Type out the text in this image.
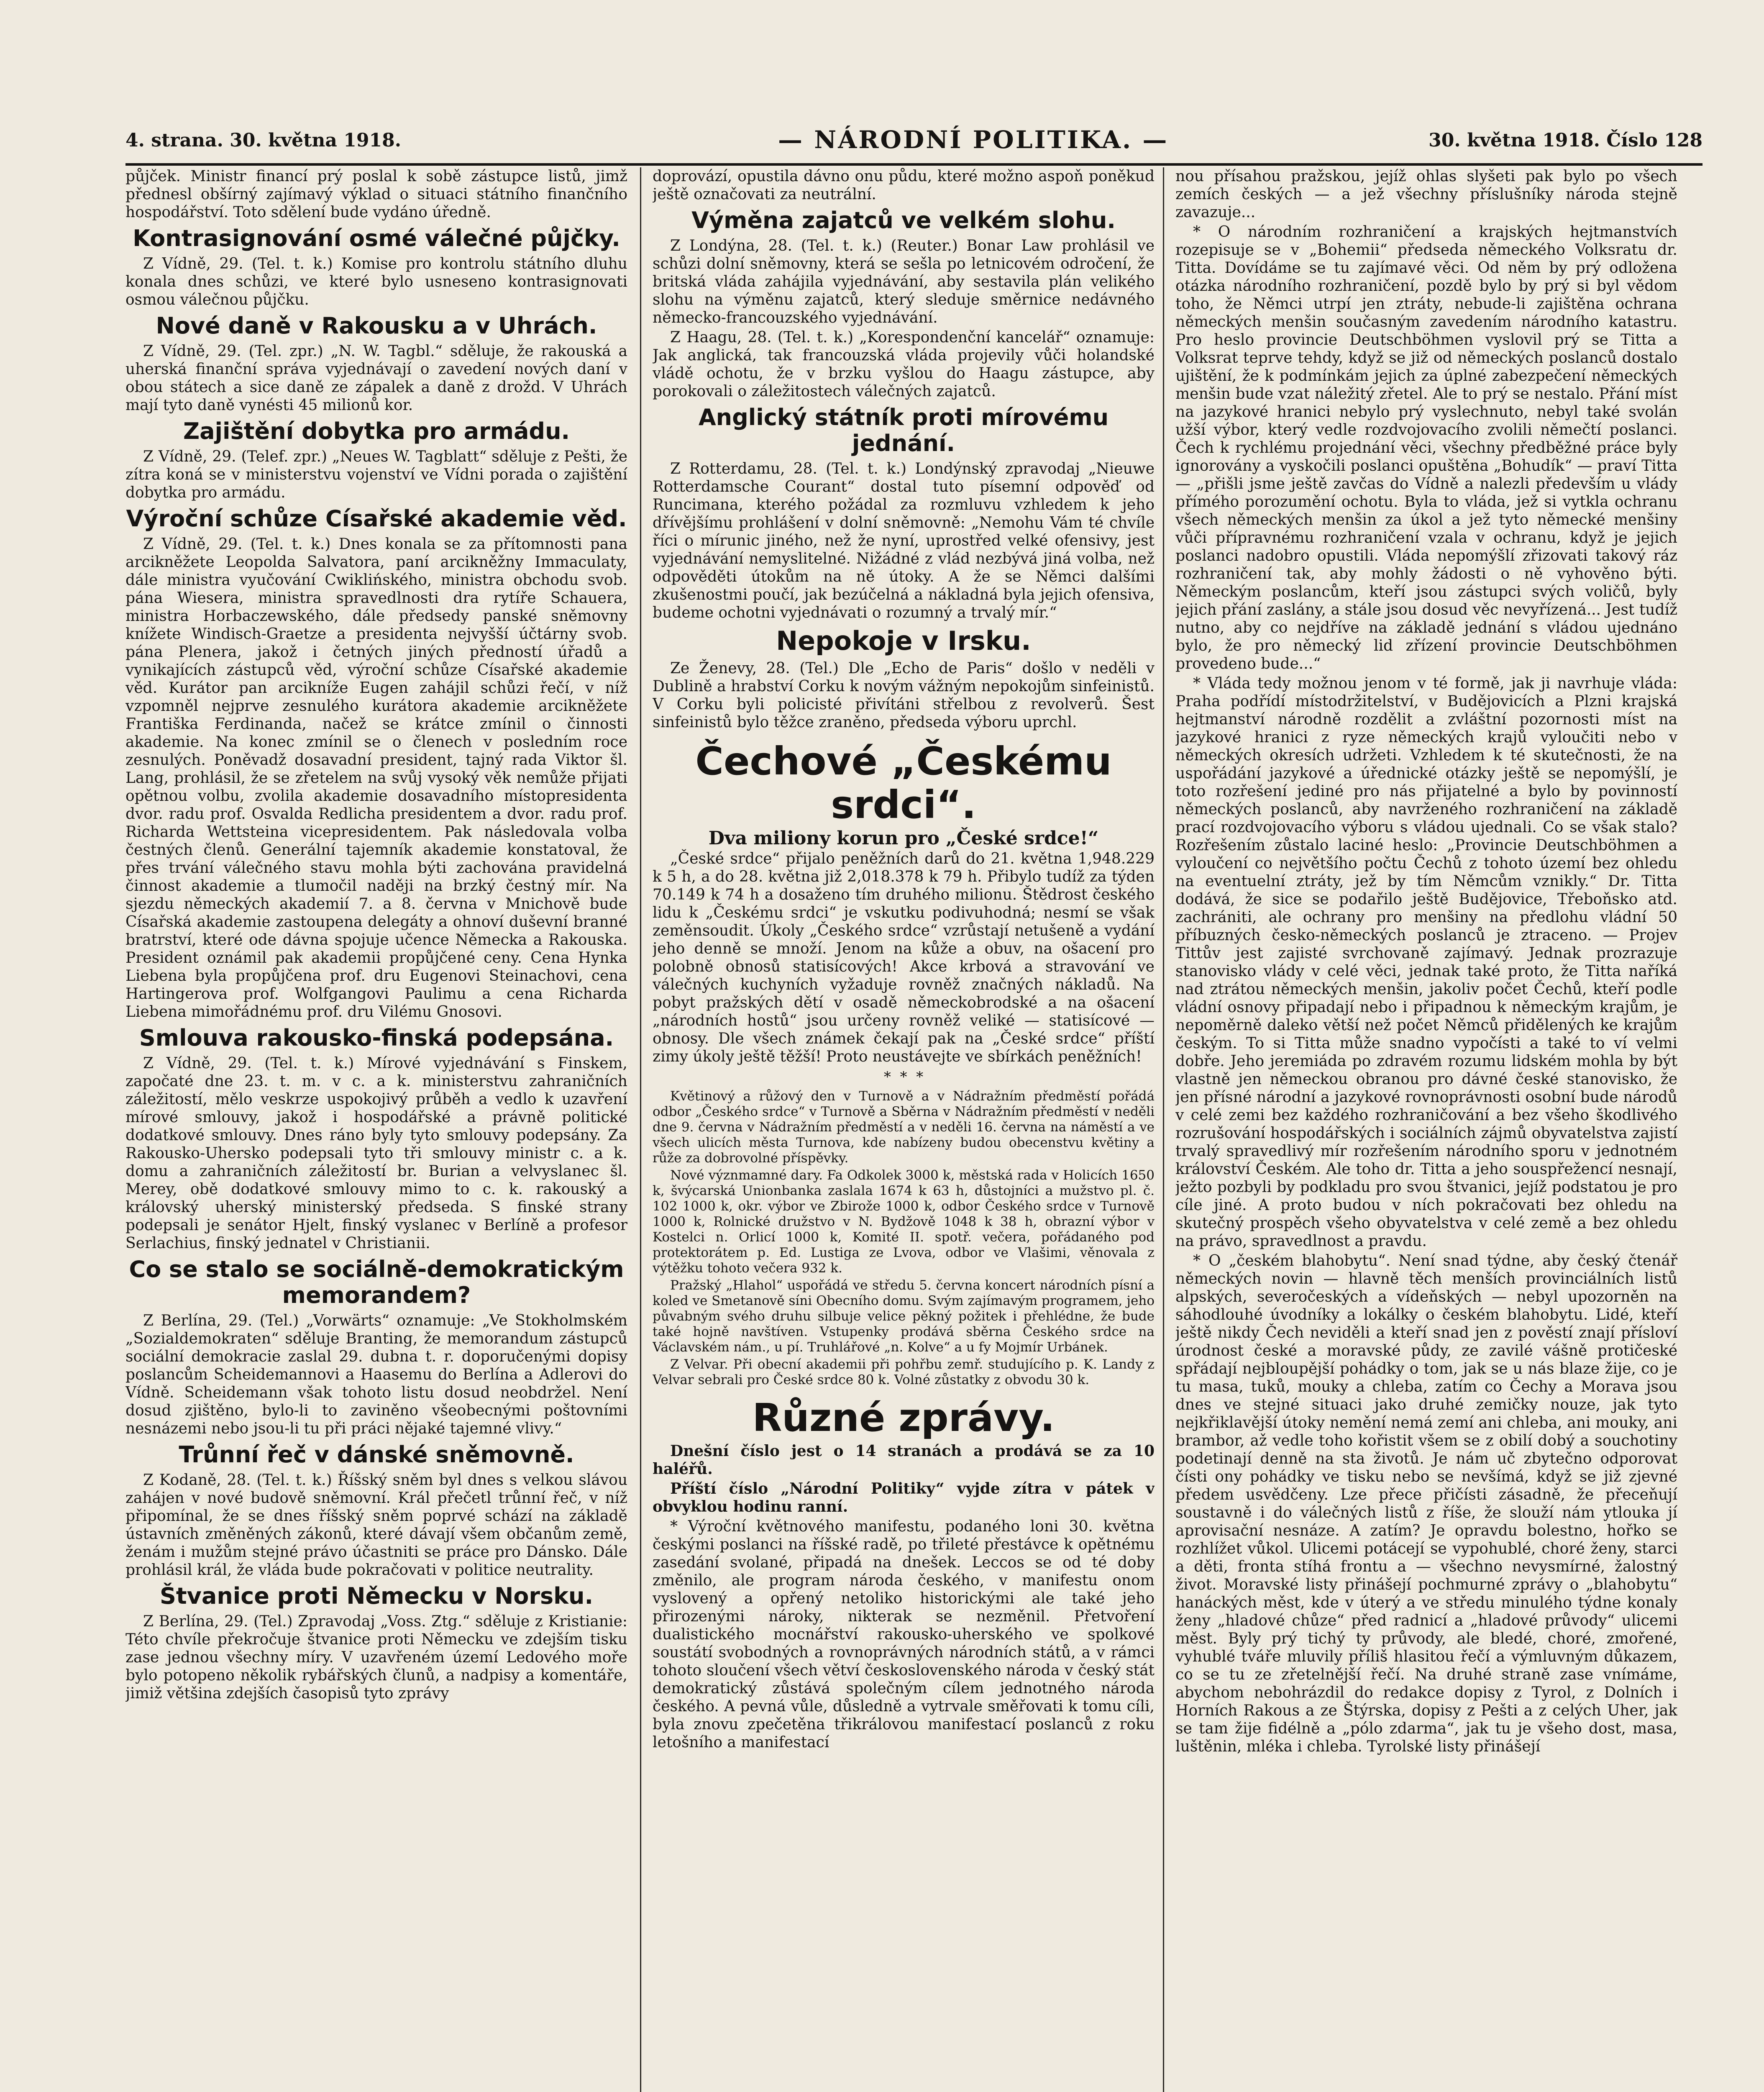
4. strana. 30. května 1918.	— NÁRODNÍ POLITIKA. —	30. května 1918. Číslo 128

půjček. Ministr financí prý poslal k sobě zástupce listů, jimž přednesl obšírný zajímavý výklad o situaci státního finančního hospodářství. Toto sdělení bude vydáno úředně.

Kontrasignování osmé válečné půjčky.

Z Vídně, 29. (Tel. t. k.) Komise pro kontrolu státního dluhu konala dnes schůzi, ve které bylo usneseno kontrasignovati osmou válečnou půjčku.

Nové daně v Rakousku a v Uhrách.

Z Vídně, 29. (Tel. zpr.) „N. W. Tagbl.“ sděluje, že rakouská a uherská finanční správa vyjednávají o zavedení nových daní v obou státech a sice daně ze zápalek a daně z drožd. V Uhrách mají tyto daně vynésti 45 milionů kor.

Zajištění dobytka pro armádu.

Z Vídně, 29. (Telef. zpr.) „Neues W. Tagblatt“ sděluje z Pešti, že zítra koná se v ministerstvu vojenství ve Vídni porada o zajištění dobytka pro armádu.

Výroční schůze Císařské akademie věd.

Z Vídně, 29. (Tel. t. k.) Dnes konala se za přítomnosti pana arcikněžete Leopolda Salvatora, paní arcikněžny Immaculaty, dále ministra vyučování Cwiklińského, ministra obchodu svob. pána Wiesera, ministra spravedlnosti dra rytíře Schauera, ministra Horbaczewského, dále předsedy panské sněmovny knížete Windisch-Graetze a presidenta nejvyšší účtárny svob. pána Plenera, jakož i četných jiných předností úřadů a vynikajících zástupců věd, výroční schůze Císařské akademie věd. Kurátor pan arcikníže Eugen zahájil schůzi řečí, v níž vzpomněl nejprve zesnulého kurátora akademie arcikněžete Františka Ferdinanda, načež se krátce zmínil o činnosti akademie. Na konec zmínil se o členech v posledním roce zesnulých. Poněvadž dosavadní president, tajný rada Viktor šl. Lang, prohlásil, že se zřetelem na svůj vysoký věk nemůže přijati opětnou volbu, zvolila akademie dosavadního místopresidenta dvor. radu prof. Osvalda Redlicha presidentem a dvor. radu prof. Richarda Wettsteina vicepresidentem. Pak následovala volba čestných členů. Generální tajemník akademie konstatoval, že přes trvání válečného stavu mohla býti zachována pravidelná činnost akademie a tlumočil naději na brzký čestný mír. Na sjezdu německých akademií 7. a 8. června v Mnichově bude Císařská akademie zastoupena delegáty a ohnoví duševní branné bratrství, které ode dávna spojuje učence Německa a Rakouska. President oznámil pak akademii propůjčené ceny. Cena Hynka Liebena byla propůjčena prof. dru Eugenovi Steinachovi, cena Hartingerova prof. Wolfgangovi Paulimu a cena Richarda Liebena mimořádnému prof. dru Vilému Gnosovi.

Smlouva rakousko-finská podepsána.

Z Vídně, 29. (Tel. t. k.) Mírové vyjednávání s Finskem, započaté dne 23. t. m. v c. a k. ministerstvu zahraničních záležitostí, mělo veskrze uspokojivý průběh a vedlo k uzavření mírové smlouvy, jakož i hospodářské a právně politické dodatkové smlouvy. Dnes ráno byly tyto smlouvy podepsány. Za Rakousko-Uhersko podepsali tyto tři smlouvy ministr c. a k. domu a zahraničních záležitostí br. Burian a velvyslanec šl. Merey, obě dodatkové smlouvy mimo to c. k. rakouský a královský uherský ministerský předseda. S finské strany podepsali je senátor Hjelt, finský vyslanec v Berlíně a profesor Serlachius, finský jednatel v Christianii.

Co se stalo se sociálně-demokratickým memorandem?

Z Berlína, 29. (Tel.) „Vorwärts“ oznamuje: „Ve Stokholmském „Sozialdemokraten“ sděluje Branting, že memorandum zástupců sociální demokracie zaslal 29. dubna t. r. doporučenými dopisy poslancům Scheidemannovi a Haasemu do Berlína a Adlerovi do Vídně. Scheidemann však tohoto listu dosud neobdržel. Není dosud zjištěno, bylo-li to zaviněno všeobecnými poštovními nesnázemi nebo jsou-li tu při práci nějaké tajemné vlivy.“

Trůnní řeč v dánské sněmovně.

Z Kodaně, 28. (Tel. t. k.) Říšský sněm byl dnes s velkou slávou zahájen v nové budově sněmovní. Král přečetl trůnní řeč, v níž připomínal, že se dnes říšský sněm poprvé schází na základě ústavních změněných zákonů, které dávají všem občanům země, ženám i mužům stejné právo účastniti se práce pro Dánsko. Dále prohlásil král, že vláda bude pokračovati v politice neutrality.

Štvanice proti Německu v Norsku.

Z Berlína, 29. (Tel.) Zpravodaj „Voss. Ztg.“ sděluje z Kristianie: Této chvíle překročuje štvanice proti Německu ve zdejším tisku zase jednou všechny míry. V uzavřeném území Ledového moře bylo potopeno několik rybářských člunů, a nadpisy a komentáře, jimiž většina zdejších časopisů tyto zprávy

doprovází, opustila dávno onu půdu, které možno aspoň poněkud ještě označovati za neutrální.

Výměna zajatců ve velkém slohu.

Z Londýna, 28. (Tel. t. k.) (Reuter.) Bonar Law prohlásil ve schůzi dolní sněmovny, která se sešla po letnicovém odročení, že britská vláda zahájila vyjednávání, aby sestavila plán velikého slohu na výměnu zajatců, který sleduje směrnice nedávného německo-francouzského vyjednávání.

Z Haagu, 28. (Tel. t. k.) „Korespondenční kancelář“ oznamuje: Jak anglická, tak francouzská vláda projevily vůči holandské vládě ochotu, že v brzku vyšlou do Haagu zástupce, aby porokovali o záležitostech válečných zajatců.

Anglický státník proti mírovému jednání.

Z Rotterdamu, 28. (Tel. t. k.) Londýnský zpravodaj „Nieuwe Rotterdamsche Courant“ dostal tuto písemní odpověď od Runcimana, kterého požádal za rozmluvu vzhledem k jeho dřívějšímu prohlášení v dolní sněmovně: „Nemohu Vám té chvíle říci o mírunic jiného, než že nyní, uprostřed velké ofensivy, jest vyjednávání nemyslitelné. Nižádné z vlád nezbývá jiná volba, než odpověděti útokům na ně útoky. A že se Němci dalšími zkušenostmi poučí, jak bezúčelná a nákladná byla jejich ofensiva, budeme ochotni vyjednávati o rozumný a trvalý mír.“

Nepokoje v Irsku.

Ze Ženevy, 28. (Tel.) Dle „Echo de Paris“ došlo v neděli v Dublině a hrabství Corku k novým vážným nepokojům sinfeinistů. V Corku byli policisté přivítáni střelbou z revolverů. Šest sinfeinistů bylo těžce zraněno, předseda výboru uprchl.

Čechové „Českému srdci“.
Dva miliony korun pro „České srdce!“

„České srdce“ přijalo peněžních darů do 21. května 1,948.229 k 5 h, a do 28. května již 2,018.378 k 79 h. Přibylo tudíž za týden 70.149 k 74 h a dosaženo tím druhého milionu. Štědrost českého lidu k „Českému srdci“ je vskutku podivuhodná; nesmí se však zeměnsoudit. Úkoly „Českého srdce“ vzrůstají netušeně a vydání jeho denně se množí. Jenom na kůže a obuv, na ošacení pro polobně obnosů statisícových! Akce krbová a stravování ve válečných kuchyních vyžaduje rovněž značných nákladů. Na pobyt pražských dětí v osadě německobrodské a na ošacení „národních hostů“ jsou určeny rovněž veliké — statisícové — obnosy. Dle všech známek čekají pak na „České srdce“ příští zimy úkoly ještě těžší! Proto neustávejte ve sbírkách peněžních!

*  *  *

Květinový a růžový den v Turnově a v Nádražním předměstí pořádá odbor „Českého srdce“ v Turnově a Sběrna v Nádražním předměstí v neděli dne 9. června v Nádražním předměstí a v neděli 16. června na náměstí a ve všech ulicích města Turnova, kde nabízeny budou obecenstvu květiny a růže za dobrovolné příspěvky.

Nové význmamné dary. Fa Odkolek 3000 k, městská rada v Holicích 1650 k, švýcarská Unionbanka zaslala 1674 k 63 h, důstojníci a mužstvo pl. č. 102 1000 k, okr. výbor ve Zbirože 1000 k, odbor Českého srdce v Turnově 1000 k, Rolnické družstvo v N. Bydžově 1048 k 38 h, obrazní výbor v Kostelci n. Orlicí 1000 k, Komité II. spotř. večera, pořádaného pod protektorátem p. Ed. Lustiga ze Lvova, odbor ve Vlašimi, věnovala z výtěžku tohoto večera 932 k.

Pražský „Hlahol“ uspořádá ve středu 5. června koncert národních písní a koled ve Smetanově síni Obecního domu. Svým zajímavým programem, jeho půvabným svého druhu silbuje velice pěkný požitek i přehlédne, že bude také hojně navštíven. Vstupenky prodává sběrna Českého srdce na Václavském nám., u pí. Truhlářové „n. Kolve“ a u fy Mojmír Urbánek.

Z Velvar. Při obecní akademii při pohřbu zemř. studujícího p. K. Landy z Velvar sebrali pro České srdce 80 k. Volné zůstatky z obvodu 30 k.

Různé zprávy.

Dnešní číslo jest o 14 stranách a prodává se za 10 haléřů.

Příští číslo „Národní Politiky“ vyjde zítra v pátek v obvyklou hodinu ranní.

* Výroční květnového manifestu, podaného loni 30. května českými poslanci na říšské radě, po třileté přestávce k opětnému zasedání svolané, připadá na dnešek. Leccos se od té doby změnilo, ale program národa českého, v manifestu onom vyslovený a opřený netoliko historickými ale také jeho přirozenými nároky, nikterak se nezměnil. Přetvoření dualistického mocnářství rakousko-uherského ve spolkové soustátí svobodných a rovnoprávných národních států, a v rámci tohoto sloučení všech větví československého národa v český stát demokratický zůstává společným cílem jednotného národa českého. A pevná vůle, důsledně a vytrvale směřovati k tomu cíli, byla znovu zpečetěna třikrálovou manifestací poslanců z roku letošního a manifestací

nou přísahou pražskou, jejíž ohlas slyšeti pak bylo po všech zemích českých — a jež všechny příslušníky národa stejně zavazuje...

* O národním rozhraničení a krajských hejtmanstvích rozepisuje se v „Bohemii“ předseda německého Volksratu dr. Titta. Dovídáme se tu zajímavé věci. Od něm by prý odložena otázka národního rozhraničení, pozdě bylo by prý si byl vědom toho, že Němci utrpí jen ztráty, nebude-li zajištěna ochrana německých menšin současným zavedením národního katastru. Pro heslo provincie Deutschböhmen vyslovil prý se Titta a Volksrat teprve tehdy, když se již od německých poslanců dostalo ujištění, že k podmínkám jejich za úplné zabezpečení německých menšin bude vzat náležitý zřetel. Ale to prý se nestalo. Přání míst na jazykové hranici nebylo prý vyslechnuto, nebyl také svolán užší výbor, který vedle rozdvojovacího zvolili němečtí poslanci. Čech k rychlému projednání věci, všechny předběžné práce byly ignorovány a vyskočili poslanci opuštěna „Bohudík“ — praví Titta — „přišli jsme ještě zavčas do Vídně a nalezli především u vlády přímého porozumění ochotu. Byla to vláda, jež si vytkla ochranu všech německých menšin za úkol a jež tyto německé menšiny vůči přípravnému rozhraničení vzala v ochranu, když je jejich poslanci nadobro opustili. Vláda nepomýšlí zřizovati takový ráz rozhraničení tak, aby mohly žádosti o ně vyhověno býti. Německým poslancům, kteří jsou zástupci svých voličů, byly jejich přání zaslány, a stále jsou dosud věc nevyřízená... Jest tudíž nutno, aby co nejdříve na základě jednání s vládou ujednáno bylo, že pro německý lid zřízení provincie Deutschböhmen provedeno bude...“

* Vláda tedy možnou jenom v té formě, jak ji navrhuje vláda: Praha podřídí místodržitelství, v Budějovicích a Plzni krajská hejtmanství národně rozdělit a zvláštní pozornosti míst na jazykové hranici z ryze německých krajů vyloučiti nebo v německých okresích udržeti. Vzhledem k té skutečnosti, že na uspořádání jazykové a úřednické otázky ještě se nepomýšlí, je toto rozřešení jediné pro nás přijatelné a bylo by povinností německých poslanců, aby navrženého rozhraničení na základě prací rozdvojovacího výboru s vládou ujednali. Co se však stalo? Rozřešením zůstalo laciné heslo: „Provincie Deutschböhmen a vyloučení co největšího počtu Čechů z tohoto území bez ohledu na eventuelní ztráty, jež by tím Němcům vznikly.“ Dr. Titta dodává, že sice se podařilo ještě Budějovice, Třeboňsko atd. zachrániti, ale ochrany pro menšiny na předlohu vládní 50 příbuzných česko-německých poslanců je ztraceno. — Projev Tittův jest zajisté svrchovaně zajímavý. Jednak prozrazuje stanovisko vlády v celé věci, jednak také proto, že Titta naříká nad ztrátou německých menšin, jakoliv počet Čechů, kteří podle vládní osnovy připadají nebo i připadnou k německým krajům, je nepoměrně daleko větší než počet Němců přidělených ke krajům českým. To si Titta může snadno vypočísti a také to ví velmi dobře. Jeho jeremiáda po zdravém rozumu lidském mohla by být vlastně jen německou obranou pro dávné české stanovisko, že jen přísné národní a jazykové rovnoprávnosti osobní bude národů v celé zemi bez každého rozhraničování a bez všeho škodlivého rozrušování hospodářských i sociálních zájmů obyvatelstva zajistí trvalý spravedlivý mír rozřešením národního sporu v jednotném království Českém. Ale toho dr. Titta a jeho souspřežencí nesnají, ježto pozbyli by podkladu pro svou štvanici, jejíž podstatou je pro cíle jiné. A proto budou v ních pokračovati bez ohledu na skutečný prospěch všeho obyvatelstva v celé země a bez ohledu na právo, spravedlnost a pravdu.

* O „českém blahobytu“. Není snad týdne, aby český čtenář německých novin — hlavně těch menších provinciálních listů alpských, severočeských a vídeňských — nebyl upozorněn na sáhodlouhé úvodníky a lokálky o českém blahobytu. Lidé, kteří ještě nikdy Čech neviděli a kteří snad jen z pověstí znají přísloví úrodnost české a moravské půdy, ze zavilé vášně protičeské spřádají nejbloupější pohádky o tom, jak se u nás blaze žije, co je tu masa, tuků, mouky a chleba, zatím co Čechy a Morava jsou dnes ve stejné situaci jako druhé zemičky nouze, jak tyto nejkřiklavější útoky nemění nemá zemí ani chleba, ani mouky, ani brambor, až vedle toho kořistit všem se z obilí dobý a souchotiny podetinají denně na sta životů. Je nám uč zbytečno odporovat čísti ony pohádky ve tisku nebo se nevšímá, když se již zjevné předem usvědčeny. Lze přece přičísti zásadně, že přeceňují soustavně i do válečných listů z říše, že slouží nám ytlouka jí aprovisační nesnáze. A zatím? Je opravdu bolestno, hořko se rozhlížet vůkol. Ulicemi potácejí se vypohublé, choré ženy, starci a děti, fronta stíhá frontu a — všechno nevysmírné, žalostný život. Moravské listy přinášejí pochmurné zprávy o „blahobytu“ hanáckých měst, kde v úterý a ve středu minulého týdne konaly ženy „hladové chůze“ před radnicí a „hladové průvody“ ulicemi měst. Byly prý tichý ty průvody, ale bledé, choré, zmořené, vyhublé tváře mluvily příliš hlasitou řečí a výmluvným důkazem, co se tu ze zřetelnější řečí. Na druhé straně zase vnímáme, abychom nebohrázdil do redakce dopisy z Tyrol, z Dolních i Horních Rakous a ze Štýrska, dopisy z Pešti a z celých Uher, jak se tam žije fidélně a „pólo zdarma“, jak tu je všeho dost, masa, luštěnin, mléka i chleba. Tyrolské listy přinášejí
